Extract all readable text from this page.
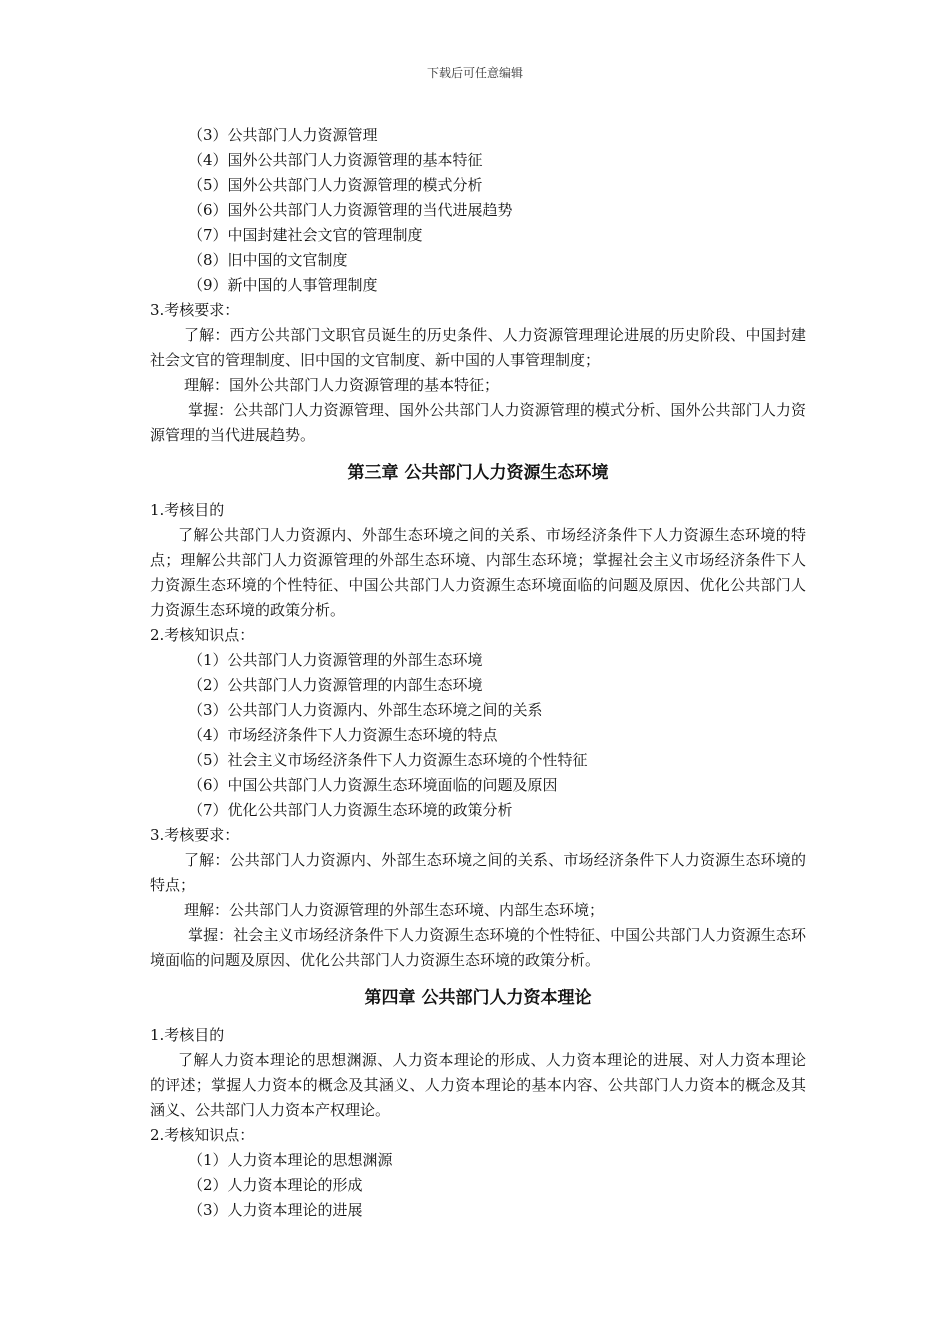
下载后可任意编辑
（3）公共部门人力资源管理
（4）国外公共部门人力资源管理的基本特征
（5）国外公共部门人力资源管理的模式分析
（6）国外公共部门人力资源管理的当代进展趋势
（7）中国封建社会文官的管理制度
（8）旧中国的文官制度
（9）新中国的人事管理制度
3.考核要求：

了解：西方公共部门文职官员诞生的历史条件、人力资源管理理论进展的历史阶段、中国封建社会文官的管理制度、旧中国的文官制度、新中国的人事管理制度；

理解：国外公共部门人力资源管理的基本特征；

掌握：公共部门人力资源管理、国外公共部门人力资源管理的模式分析、国外公共部门人力资源管理的当代进展趋势。

第三章 公共部门人力资源生态环境
1.考核目的

了解公共部门人力资源内、外部生态环境之间的关系、市场经济条件下人力资源生态环境的特点；理解公共部门人力资源管理的外部生态环境、内部生态环境；掌握社会主义市场经济条件下人力资源生态环境的个性特征、中国公共部门人力资源生态环境面临的问题及原因、优化公共部门人力资源生态环境的政策分析。

2.考核知识点：
（1）公共部门人力资源管理的外部生态环境
（2）公共部门人力资源管理的内部生态环境
（3）公共部门人力资源内、外部生态环境之间的关系
（4）市场经济条件下人力资源生态环境的特点
（5）社会主义市场经济条件下人力资源生态环境的个性特征
（6）中国公共部门人力资源生态环境面临的问题及原因
（7）优化公共部门人力资源生态环境的政策分析
3.考核要求：

了解：公共部门人力资源内、外部生态环境之间的关系、市场经济条件下人力资源生态环境的特点；

理解：公共部门人力资源管理的外部生态环境、内部生态环境；

掌握：社会主义市场经济条件下人力资源生态环境的个性特征、中国公共部门人力资源生态环境面临的问题及原因、优化公共部门人力资源生态环境的政策分析。

第四章 公共部门人力资本理论
1.考核目的

了解人力资本理论的思想渊源、人力资本理论的形成、人力资本理论的进展、对人力资本理论的评述；掌握人力资本的概念及其涵义、人力资本理论的基本内容、公共部门人力资本的概念及其涵义、公共部门人力资本产权理论。

2.考核知识点：
（1）人力资本理论的思想渊源
（2）人力资本理论的形成
（3）人力资本理论的进展
